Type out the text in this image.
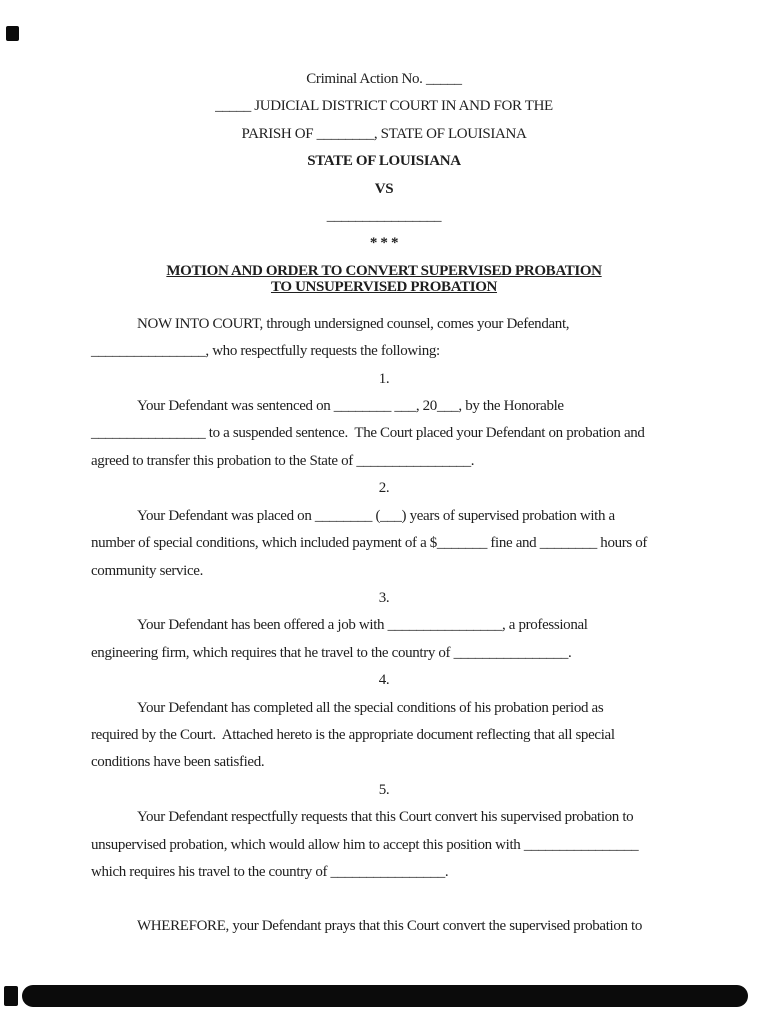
Criminal Action No. _____
_____ JUDICIAL DISTRICT COURT IN AND FOR THE
PARISH OF ________, STATE OF LOUISIANA
STATE OF LOUISIANA
VS
________________
* * *
MOTION AND ORDER TO CONVERT SUPERVISED PROBATION
TO UNSUPERVISED PROBATION
NOW INTO COURT, through undersigned counsel, comes your Defendant,
________________, who respectfully requests the following:
1.
Your Defendant was sentenced on ________ ___, 20___, by the Honorable
________________ to a suspended sentence.  The Court placed your Defendant on probation and
agreed to transfer this probation to the State of ________________.
2.
Your Defendant was placed on ________ (___) years of supervised probation with a
number of special conditions, which included payment of a $_______ fine and ________ hours of
community service.
3.
Your Defendant has been offered a job with ________________, a professional
engineering firm, which requires that he travel to the country of ________________.
4.
Your Defendant has completed all the special conditions of his probation period as
required by the Court.  Attached hereto is the appropriate document reflecting that all special
conditions have been satisfied.
5.
Your Defendant respectfully requests that this Court convert his supervised probation to
unsupervised probation, which would allow him to accept this position with ________________
which requires his travel to the country of ________________.
WHEREFORE, your Defendant prays that this Court convert the supervised probation to
